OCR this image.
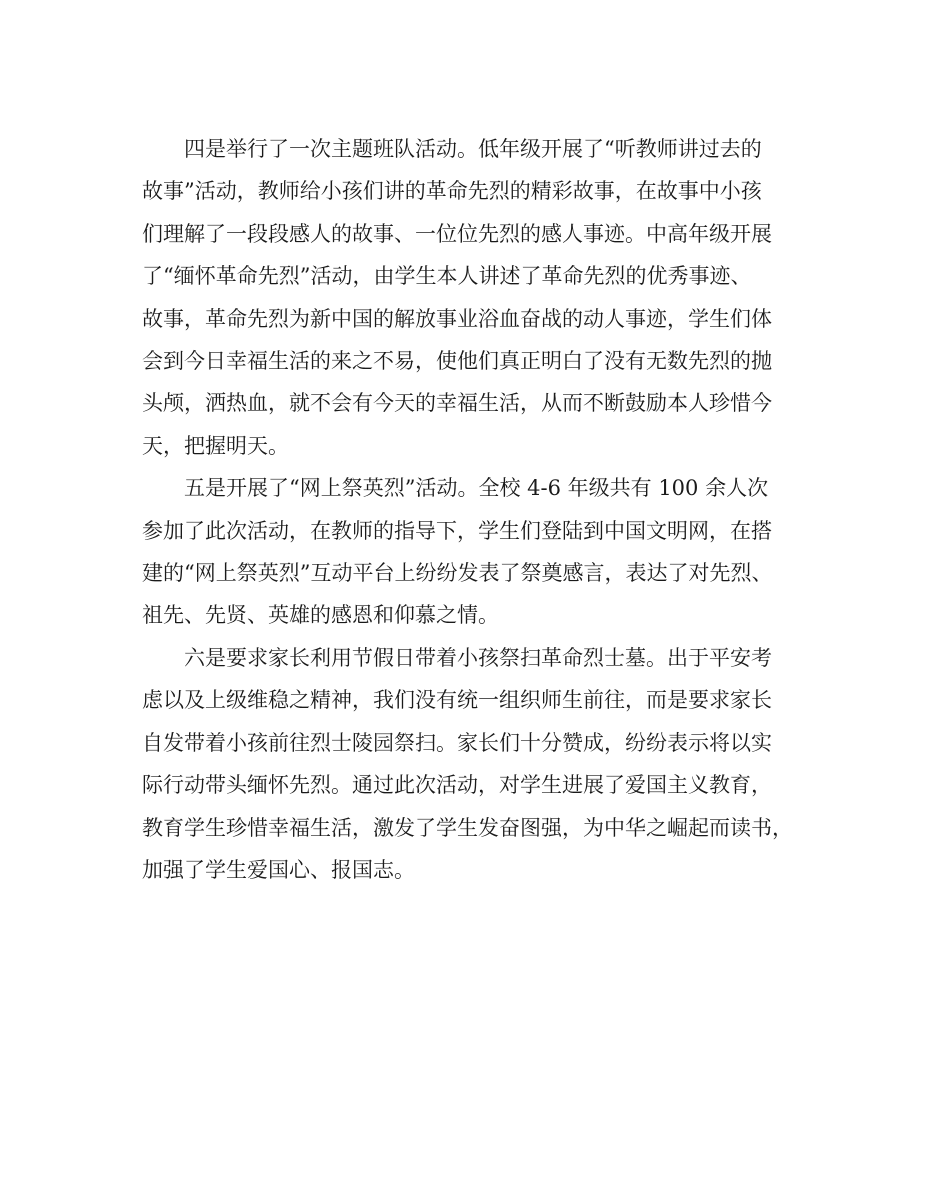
四是举行了一次主题班队活动。低年级开展了“听教师讲过去的
故事”活动，教师给小孩们讲的革命先烈的精彩故事，在故事中小孩
们理解了一段段感人的故事、一位位先烈的感人事迹。中高年级开展
了“缅怀革命先烈”活动，由学生本人讲述了革命先烈的优秀事迹、
故事，革命先烈为新中国的解放事业浴血奋战的动人事迹，学生们体
会到今日幸福生活的来之不易，使他们真正明白了没有无数先烈的抛
头颅，洒热血，就不会有今天的幸福生活，从而不断鼓励本人珍惜今
天，把握明天。
五是开展了“网上祭英烈”活动。全校 4-6 年级共有 100 余人次
参加了此次活动，在教师的指导下，学生们登陆到中国文明网，在搭
建的“网上祭英烈”互动平台上纷纷发表了祭奠感言，表达了对先烈、
祖先、先贤、英雄的感恩和仰慕之情。
六是要求家长利用节假日带着小孩祭扫革命烈士墓。出于平安考
虑以及上级维稳之精神，我们没有统一组织师生前往，而是要求家长
自发带着小孩前往烈士陵园祭扫。家长们十分赞成，纷纷表示将以实
际行动带头缅怀先烈。通过此次活动，对学生进展了爱国主义教育，
教育学生珍惜幸福生活，激发了学生发奋图强，为中华之崛起而读书，
加强了学生爱国心、报国志。
